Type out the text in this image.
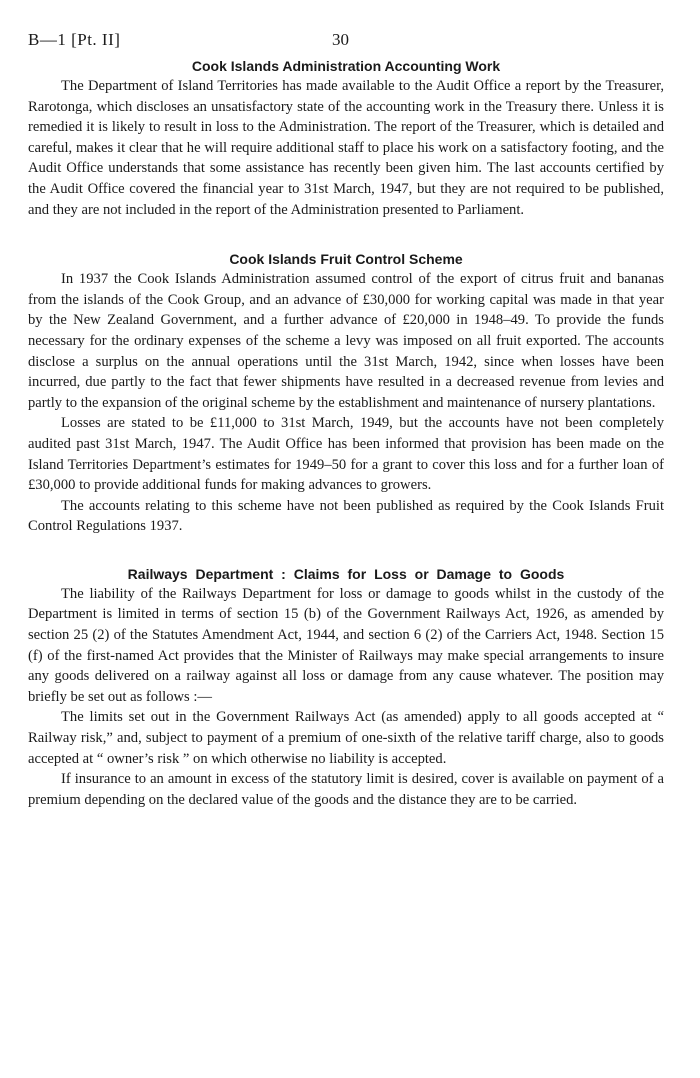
B—1 [Pt. II]	30
Cook Islands Administration Accounting Work

The Department of Island Territories has made available to the Audit Office a report by the Treasurer, Rarotonga, which discloses an unsatisfactory state of the accounting work in the Treasury there. Unless it is remedied it is likely to result in loss to the Administration. The report of the Treasurer, which is detailed and careful, makes it clear that he will require additional staff to place his work on a satisfactory footing, and the Audit Office understands that some assistance has recently been given him. The last accounts certified by the Audit Office covered the financial year to 31st March, 1947, but they are not required to be published, and they are not included in the report of the Administration presented to Parliament.

Cook Islands Fruit Control Scheme

In 1937 the Cook Islands Administration assumed control of the export of citrus fruit and bananas from the islands of the Cook Group, and an advance of £30,000 for working capital was made in that year by the New Zealand Government, and a further advance of £20,000 in 1948–49. To provide the funds necessary for the ordinary expenses of the scheme a levy was imposed on all fruit exported. The accounts disclose a surplus on the annual operations until the 31st March, 1942, since when losses have been incurred, due partly to the fact that fewer shipments have resulted in a decreased revenue from levies and partly to the expansion of the original scheme by the establishment and maintenance of nursery plantations.

Losses are stated to be £11,000 to 31st March, 1949, but the accounts have not been completely audited past 31st March, 1947. The Audit Office has been informed that provision has been made on the Island Territories Department’s estimates for 1949–50 for a grant to cover this loss and for a further loan of £30,000 to provide additional funds for making advances to growers.

The accounts relating to this scheme have not been published as required by the Cook Islands Fruit Control Regulations 1937.

Railways Department : Claims for Loss or Damage to Goods

The liability of the Railways Department for loss or damage to goods whilst in the custody of the Department is limited in terms of section 15 (b) of the Government Railways Act, 1926, as amended by section 25 (2) of the Statutes Amendment Act, 1944, and section 6 (2) of the Carriers Act, 1948. Section 15 (f) of the first-named Act provides that the Minister of Railways may make special arrangements to insure any goods delivered on a railway against all loss or damage from any cause whatever. The position may briefly be set out as follows :—

The limits set out in the Government Railways Act (as amended) apply to all goods accepted at “ Railway risk,” and, subject to payment of a premium of one-sixth of the relative tariff charge, also to goods accepted at “ owner’s risk ” on which otherwise no liability is accepted.

If insurance to an amount in excess of the statutory limit is desired, cover is available on payment of a premium depending on the declared value of the goods and the distance they are to be carried.
